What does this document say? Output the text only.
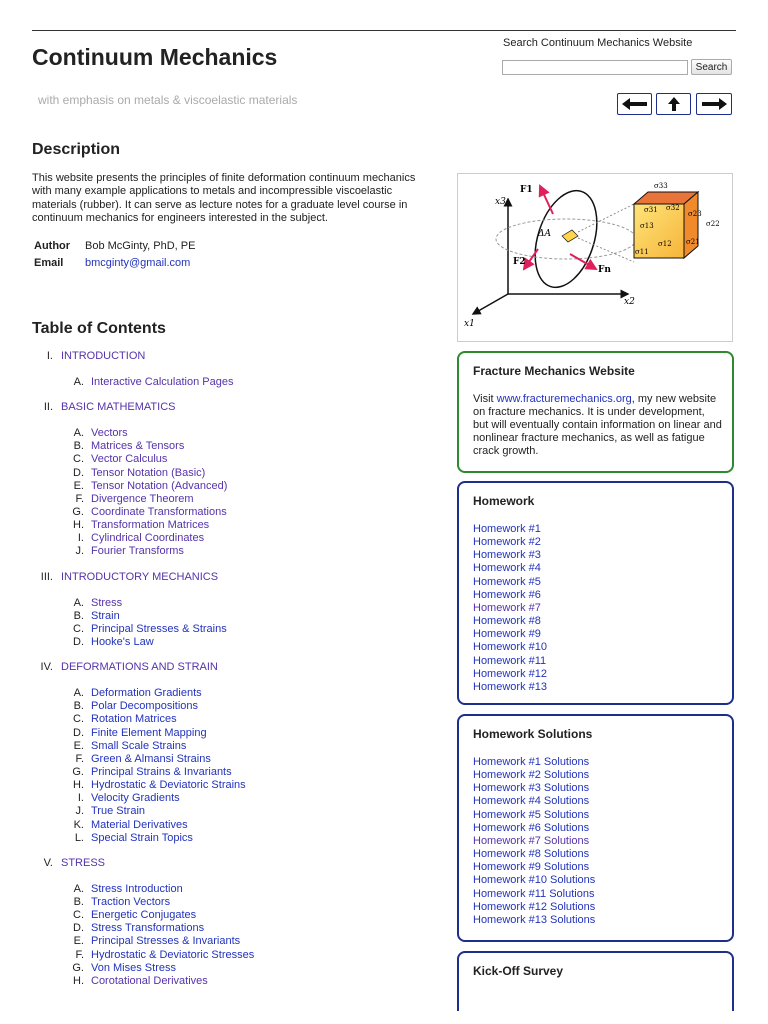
Continuum Mechanics
with emphasis on metals & viscoelastic materials
Search Continuum Mechanics Website
Search
Description
This website presents the principles of finite deformation continuum mechanics with many example applications to metals and incompressible viscoelastic materials (rubber). It can serve as lecture notes for a graduate level course in continuum mechanics for engineers interested in the subject.
Author Bob McGinty, PhD, PE
Email bmcginty@gmail.com
Table of Contents
I. INTRODUCTION
A. Interactive Calculation Pages
II. BASIC MATHEMATICS
A. Vectors
B. Matrices & Tensors
C. Vector Calculus
D. Tensor Notation (Basic)
E. Tensor Notation (Advanced)
F. Divergence Theorem
G. Coordinate Transformations
H. Transformation Matrices
I. Cylindrical Coordinates
J. Fourier Transforms
III. INTRODUCTORY MECHANICS
A. Stress
B. Strain
C. Principal Stresses & Strains
D. Hooke's Law
IV. DEFORMATIONS AND STRAIN
A. Deformation Gradients
B. Polar Decompositions
C. Rotation Matrices
D. Finite Element Mapping
E. Small Scale Strains
F. Green & Almansi Strains
G. Principal Strains & Invariants
H. Hydrostatic & Deviatoric Strains
I. Velocity Gradients
J. True Strain
K. Material Derivatives
L. Special Strain Topics
V. STRESS
A. Stress Introduction
B. Traction Vectors
C. Energetic Conjugates
D. Stress Transformations
E. Principal Stresses & Invariants
F. Hydrostatic & Deviatoric Stresses
G. Von Mises Stress
H. Corotational Derivatives
F1
x3
ΔA
F2
Fn
x2
x1
σ33
σ31 σ32
σ23
σ22
σ13
σ12 σ21
σ11
Fracture Mechanics Website
Visit www.fracturemechanics.org, my new website on fracture mechanics. It is under development, but will eventually contain information on linear and nonlinear fracture mechanics, as well as fatigue crack growth.
Homework
Homework #1
Homework #2
Homework #3
Homework #4
Homework #5
Homework #6
Homework #7
Homework #8
Homework #9
Homework #10
Homework #11
Homework #12
Homework #13
Homework Solutions
Homework #1 Solutions
Homework #2 Solutions
Homework #3 Solutions
Homework #4 Solutions
Homework #5 Solutions
Homework #6 Solutions
Homework #7 Solutions
Homework #8 Solutions
Homework #9 Solutions
Homework #10 Solutions
Homework #11 Solutions
Homework #12 Solutions
Homework #13 Solutions
Kick-Off Survey
